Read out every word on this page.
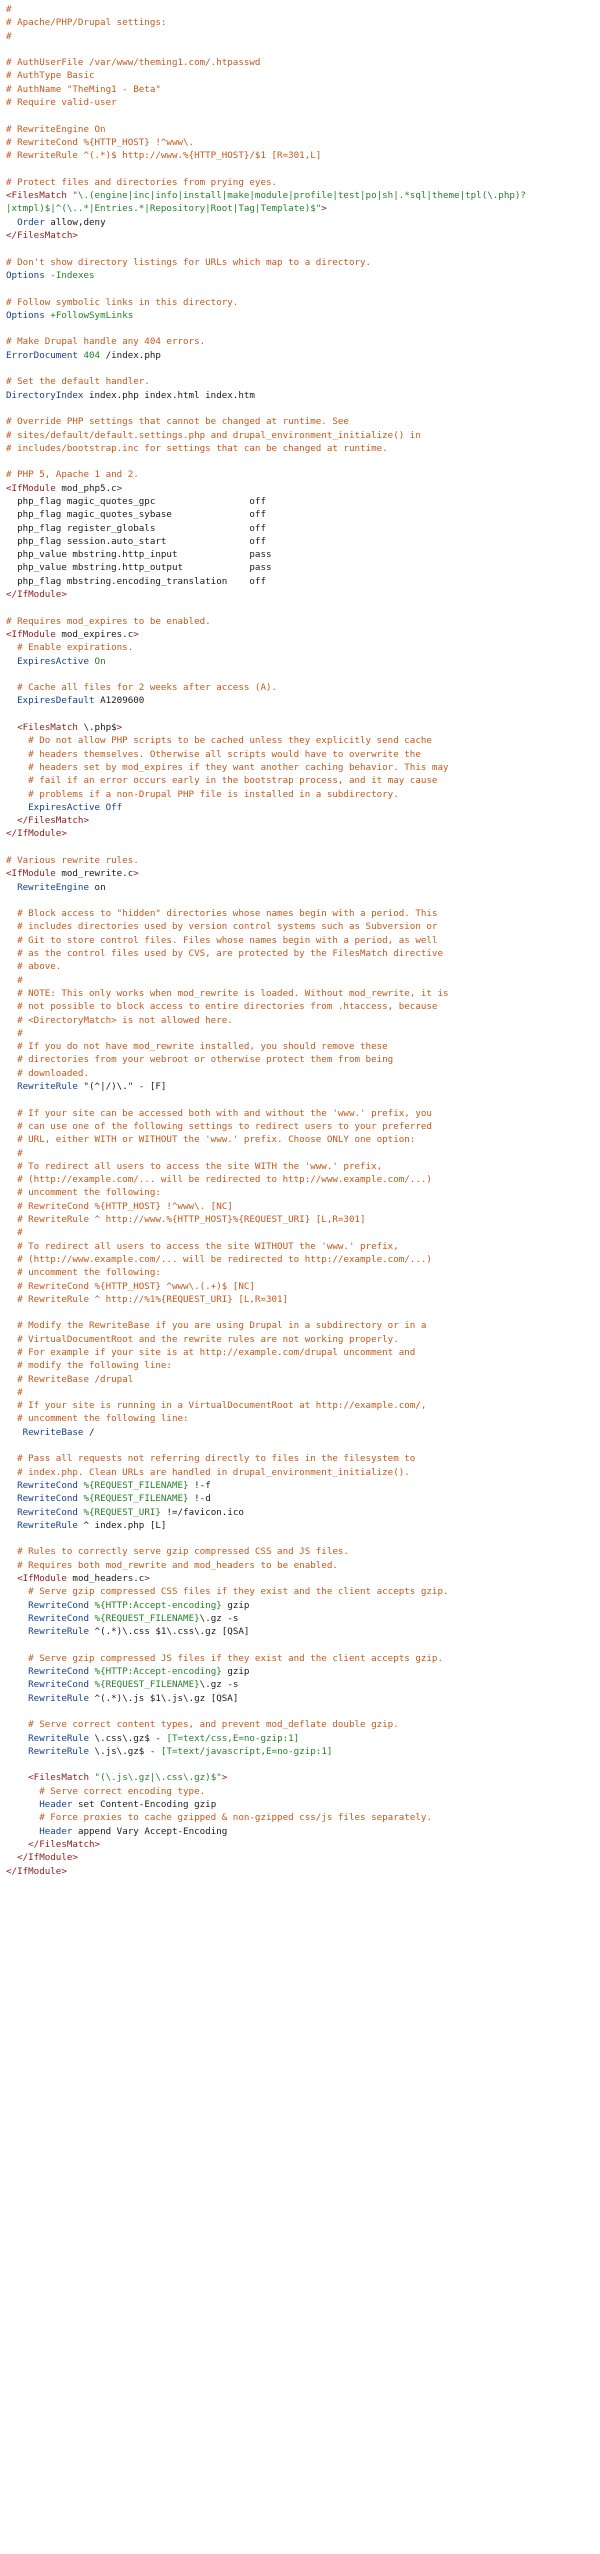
#
# Apache/PHP/Drupal settings:
#
# AuthUserFile /var/www/theming1.com/.htpasswd
# AuthType Basic
# AuthName "TheMing1 - Beta"
# Require valid-user
# RewriteEngine On
# RewriteCond %{HTTP_HOST} !^www\.
# RewriteRule ^(.*)$ http://www.%{HTTP_HOST}/$1 [R=301,L]
# Protect files and directories from prying eyes.
<FilesMatch "\.(engine|inc|info|install|make|module|profile|test|po|sh|.*sql|theme|tpl(\.php)?
|xtmpl)$|^(\..*|Entries.*|Repository|Root|Tag|Template)$">
Order allow,deny
</FilesMatch>
# Don't show directory listings for URLs which map to a directory.
Options -Indexes
# Follow symbolic links in this directory.
Options +FollowSymLinks
# Make Drupal handle any 404 errors.
ErrorDocument 404 /index.php
# Set the default handler.
DirectoryIndex index.php index.html index.htm
# Override PHP settings that cannot be changed at runtime. See
# sites/default/default.settings.php and drupal_environment_initialize() in
# includes/bootstrap.inc for settings that can be changed at runtime.
# PHP 5, Apache 1 and 2.
<IfModule mod_php5.c>
php_flag magic_quotes_gpc                 off
php_flag magic_quotes_sybase              off
php_flag register_globals                 off
php_flag session.auto_start               off
php_value mbstring.http_input             pass
php_value mbstring.http_output            pass
php_flag mbstring.encoding_translation    off
</IfModule>
# Requires mod_expires to be enabled.
<IfModule mod_expires.c>
# Enable expirations.
ExpiresActive On
# Cache all files for 2 weeks after access (A).
ExpiresDefault A1209600
<FilesMatch \.php$>
# Do not allow PHP scripts to be cached unless they explicitly send cache
# headers themselves. Otherwise all scripts would have to overwrite the
# headers set by mod_expires if they want another caching behavior. This may
# fail if an error occurs early in the bootstrap process, and it may cause
# problems if a non-Drupal PHP file is installed in a subdirectory.
ExpiresActive Off
</FilesMatch>
</IfModule>
# Various rewrite rules.
<IfModule mod_rewrite.c>
RewriteEngine on
# Block access to "hidden" directories whose names begin with a period. This
# includes directories used by version control systems such as Subversion or
# Git to store control files. Files whose names begin with a period, as well
# as the control files used by CVS, are protected by the FilesMatch directive
# above.
#
# NOTE: This only works when mod_rewrite is loaded. Without mod_rewrite, it is
# not possible to block access to entire directories from .htaccess, because
# <DirectoryMatch> is not allowed here.
#
# If you do not have mod_rewrite installed, you should remove these
# directories from your webroot or otherwise protect them from being
# downloaded.
RewriteRule "(^|/)\." - [F]
# If your site can be accessed both with and without the 'www.' prefix, you
# can use one of the following settings to redirect users to your preferred
# URL, either WITH or WITHOUT the 'www.' prefix. Choose ONLY one option:
#
# To redirect all users to access the site WITH the 'www.' prefix,
# (http://example.com/... will be redirected to http://www.example.com/...)
# uncomment the following:
# RewriteCond %{HTTP_HOST} !^www\. [NC]
# RewriteRule ^ http://www.%{HTTP_HOST}%{REQUEST_URI} [L,R=301]
#
# To redirect all users to access the site WITHOUT the 'www.' prefix,
# (http://www.example.com/... will be redirected to http://example.com/...)
# uncomment the following:
# RewriteCond %{HTTP_HOST} ^www\.(.+)$ [NC]
# RewriteRule ^ http://%1%{REQUEST_URI} [L,R=301]
# Modify the RewriteBase if you are using Drupal in a subdirectory or in a
# VirtualDocumentRoot and the rewrite rules are not working properly.
# For example if your site is at http://example.com/drupal uncomment and
# modify the following line:
# RewriteBase /drupal
#
# If your site is running in a VirtualDocumentRoot at http://example.com/,
# uncomment the following line:
RewriteBase /
# Pass all requests not referring directly to files in the filesystem to
# index.php. Clean URLs are handled in drupal_environment_initialize().
RewriteCond %{REQUEST_FILENAME} !-f
RewriteCond %{REQUEST_FILENAME} !-d
RewriteCond %{REQUEST_URI} !=/favicon.ico
RewriteRule ^ index.php [L]
# Rules to correctly serve gzip compressed CSS and JS files.
# Requires both mod_rewrite and mod_headers to be enabled.
<IfModule mod_headers.c>
# Serve gzip compressed CSS files if they exist and the client accepts gzip.
RewriteCond %{HTTP:Accept-encoding} gzip
RewriteCond %{REQUEST_FILENAME}\.gz -s
RewriteRule ^(.*)\.css $1\.css\.gz [QSA]
# Serve gzip compressed JS files if they exist and the client accepts gzip.
RewriteCond %{HTTP:Accept-encoding} gzip
RewriteCond %{REQUEST_FILENAME}\.gz -s
RewriteRule ^(.*)\.js $1\.js\.gz [QSA]
# Serve correct content types, and prevent mod_deflate double gzip.
RewriteRule \.css\.gz$ - [T=text/css,E=no-gzip:1]
RewriteRule \.js\.gz$ - [T=text/javascript,E=no-gzip:1]
<FilesMatch "(\.js\.gz|\.css\.gz)$">
# Serve correct encoding type.
Header set Content-Encoding gzip
# Force proxies to cache gzipped & non-gzipped css/js files separately.
Header append Vary Accept-Encoding
</FilesMatch>
</IfModule>
</IfModule>
